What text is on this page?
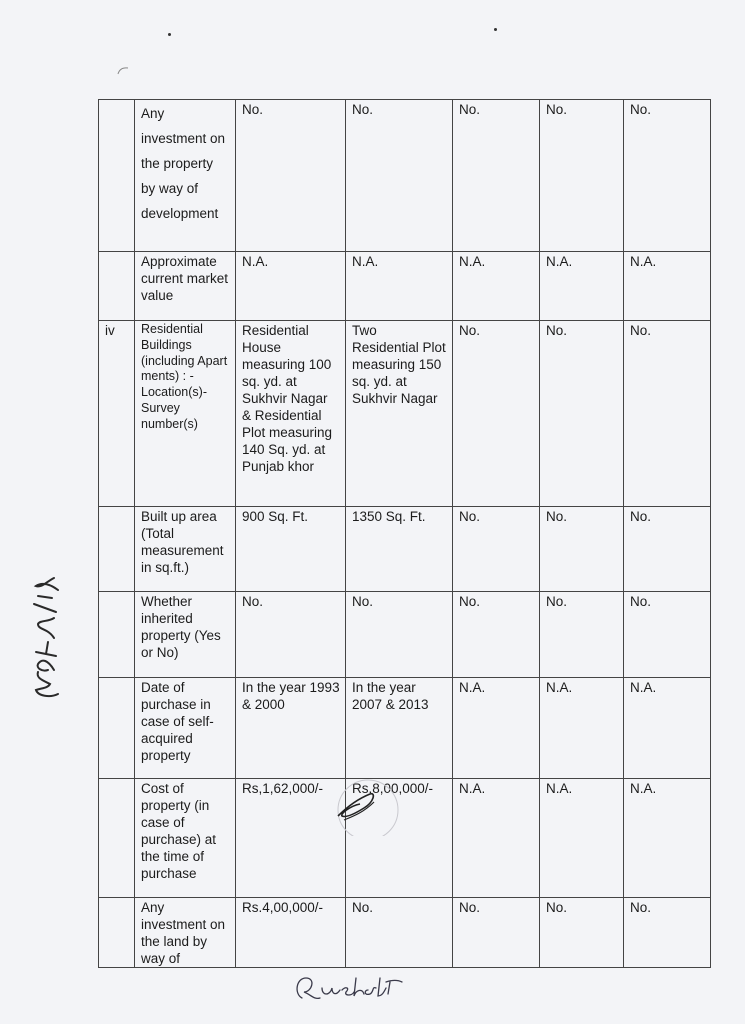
	Any investment on the property by way of development	No.	No.	No.	No.	No.
	Approximate current market value	N.A.	N.A.	N.A.	N.A.	N.A.
iv	Residential Buildings (including Apart ments) : - Location(s)- Survey number(s)	Residential House measuring 100 sq. yd. at Sukhvir Nagar & Residential Plot measuring 140 Sq. yd. at Punjab khor	Two Residential Plot measuring 150 sq. yd. at Sukhvir Nagar	No.	No.	No.
	Built up area (Total measurement in sq.ft.)	900 Sq. Ft.	1350 Sq. Ft.	No.	No.	No.
	Whether inherited property (Yes or No)	No.	No.	No.	No.	No.
	Date of purchase in case of self-acquired property	In the year 1993 & 2000	In the year 2007 & 2013	N.A.	N.A.	N.A.
	Cost of property (in case of purchase) at the time of purchase	Rs,1,62,000/-	Rs.8,00,000/-	N.A.	N.A.	N.A.
	Any investment on the land by way of	Rs.4,00,000/-	No.	No.	No.	No.
